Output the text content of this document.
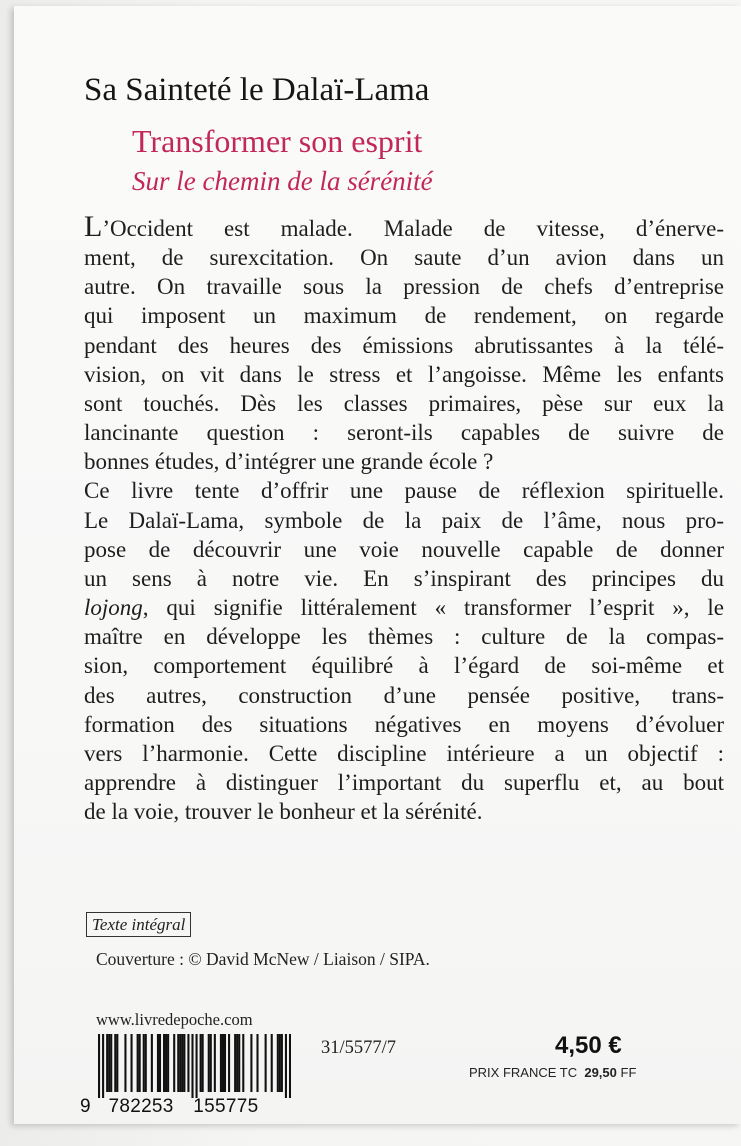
Sa Sainteté le Dalaï-Lama
Transformer son esprit
Sur le chemin de la sérénité
L’Occident est malade. Malade de vitesse, d’énerve-
ment, de surexcitation. On saute d’un avion dans un
autre. On travaille sous la pression de chefs d’entreprise
qui imposent un maximum de rendement, on regarde
pendant des heures des émissions abrutissantes à la télé-
vision, on vit dans le stress et l’angoisse. Même les enfants
sont touchés. Dès les classes primaires, pèse sur eux la
lancinante question : seront-ils capables de suivre de
bonnes études, d’intégrer une grande école ?
Ce livre tente d’offrir une pause de réflexion spirituelle.
Le Dalaï-Lama, symbole de la paix de l’âme, nous pro-
pose de découvrir une voie nouvelle capable de donner
un sens à notre vie. En s’inspirant des principes du
lojong, qui signifie littéralement « transformer l’esprit », le
maître en développe les thèmes : culture de la compas-
sion, comportement équilibré à l’égard de soi-même et
des autres, construction d’une pensée positive, trans-
formation des situations négatives en moyens d’évoluer
vers l’harmonie. Cette discipline intérieure a un objectif :
apprendre à distinguer l’important du superflu et, au bout
de la voie, trouver le bonheur et la sérénité.
Texte intégral
Couverture : © David McNew / Liaison / SIPA.
www.livredepoche.com
31/5577/7	4,50 €
PRIX FRANCE TC 29,50 FF
9 782253 155775
